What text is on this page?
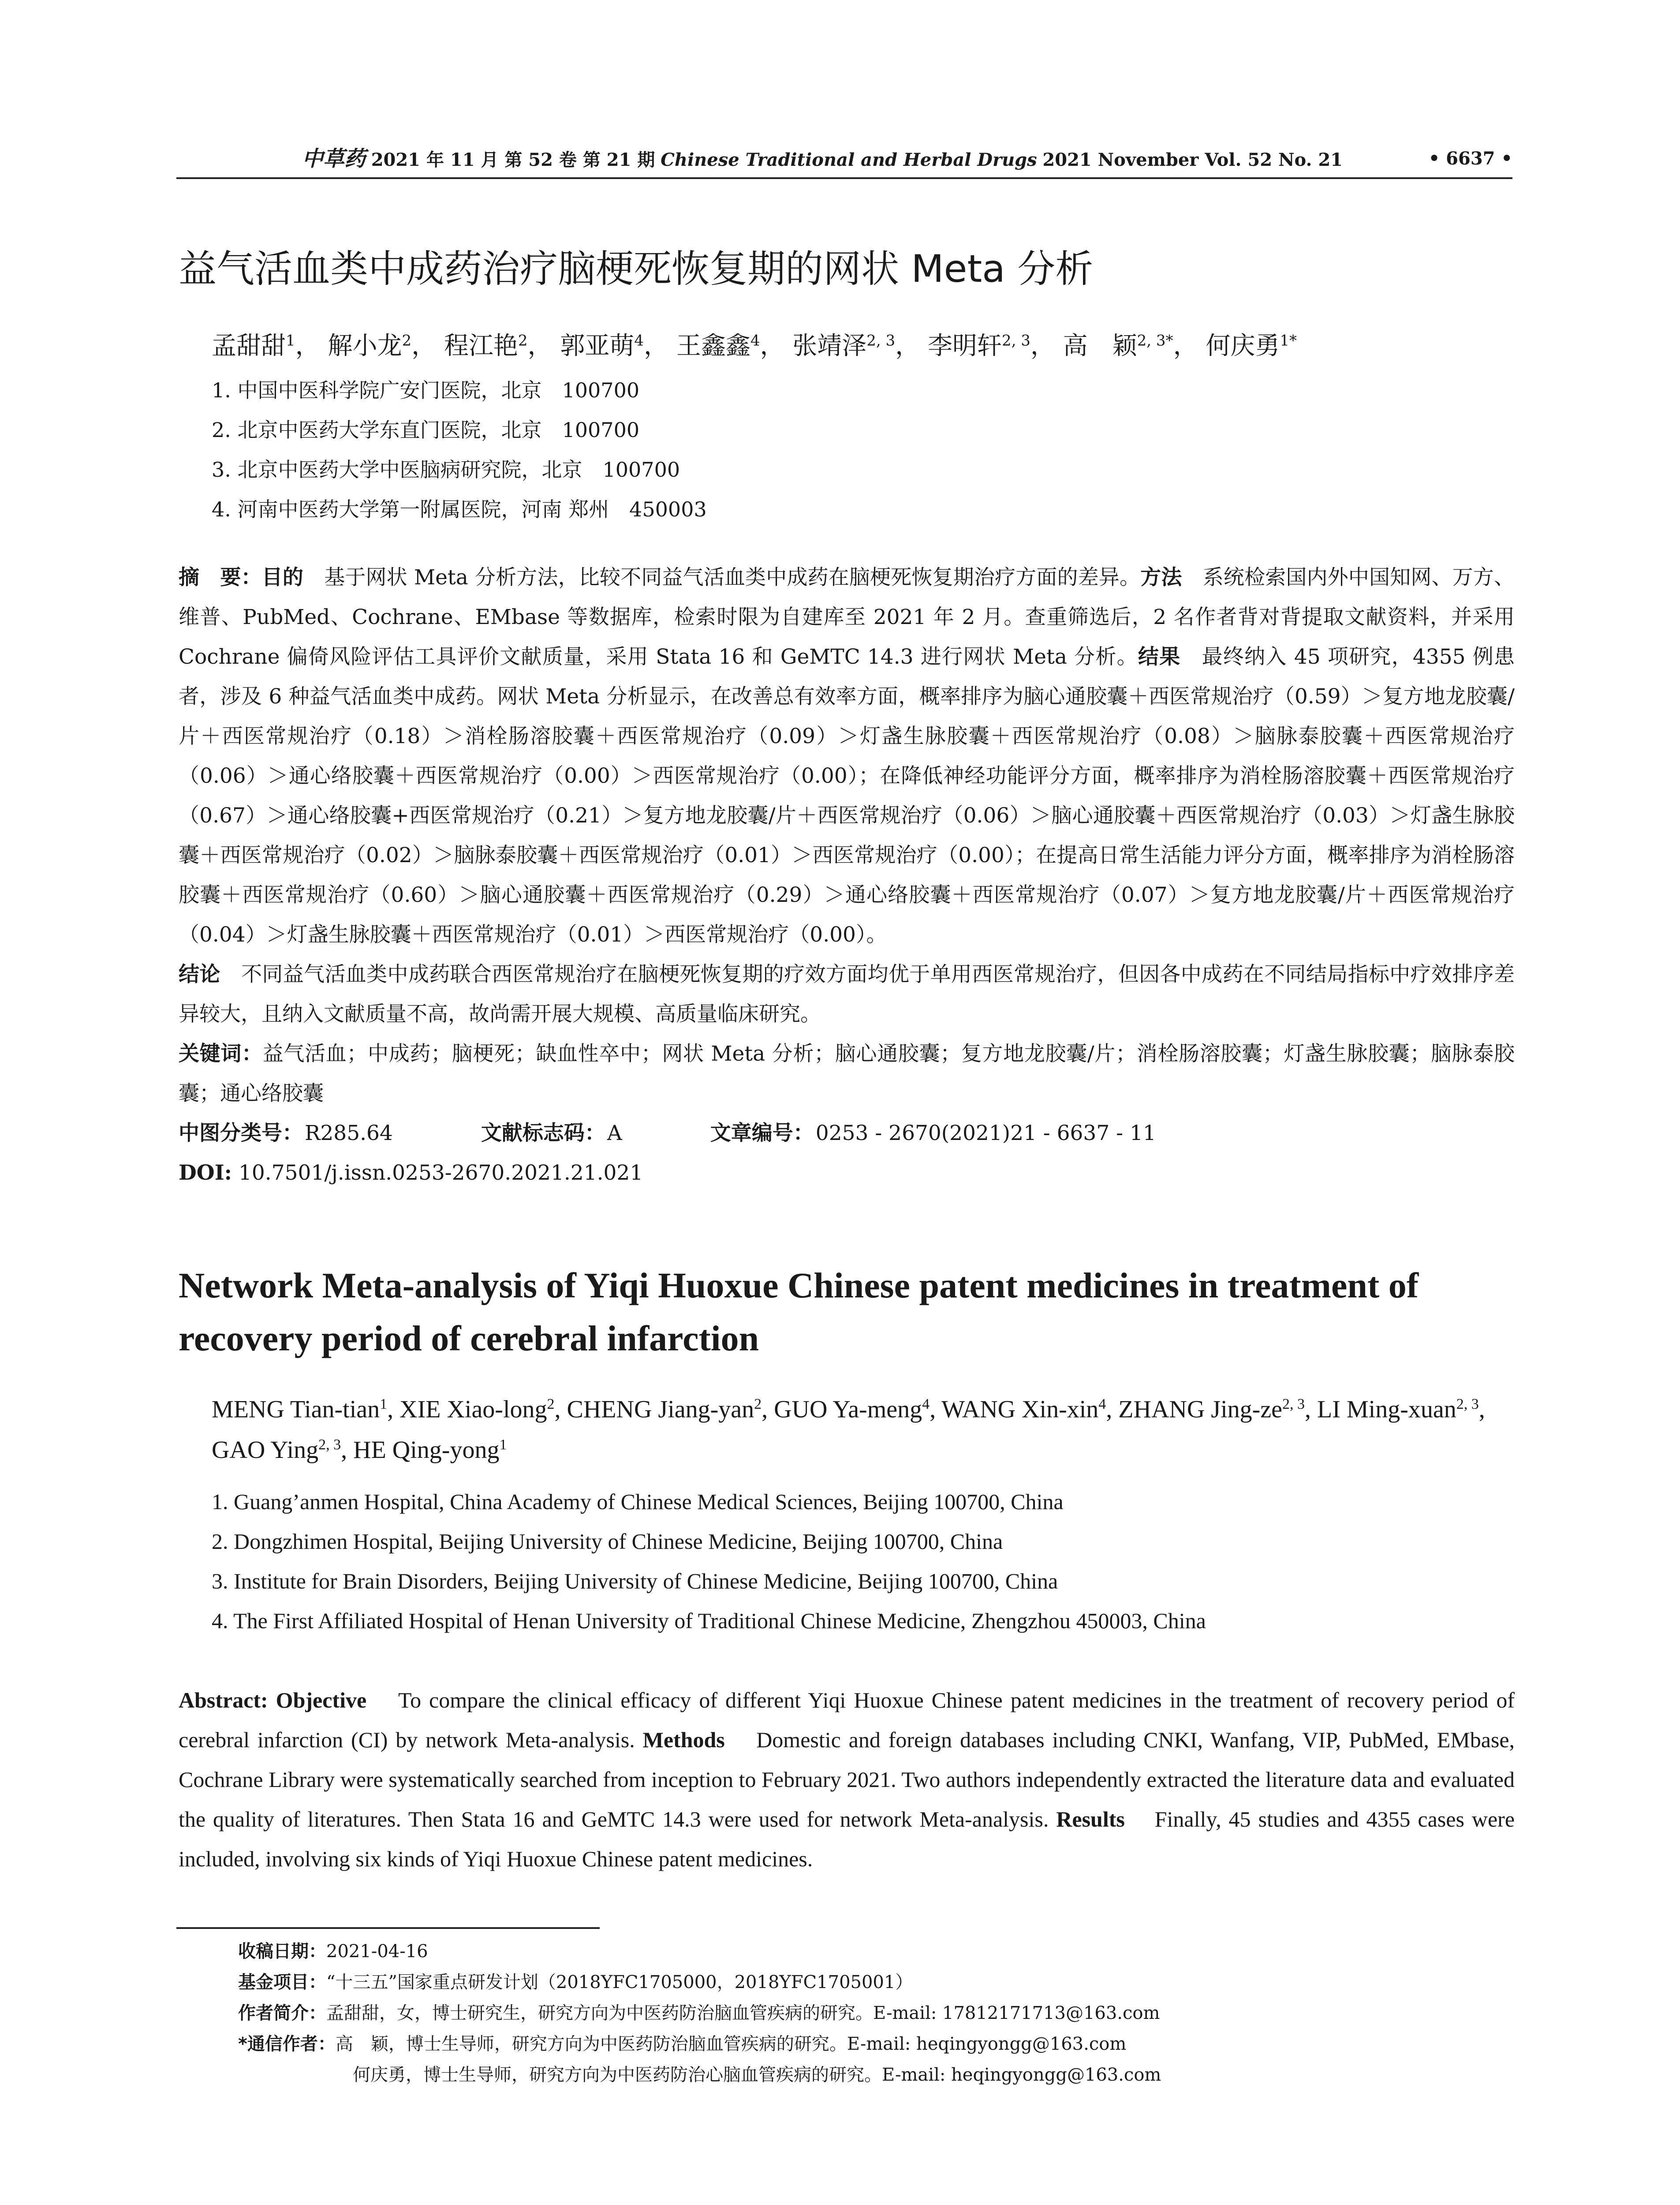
中草药 2021 年 11 月 第 52 卷 第 21 期 Chinese Traditional and Herbal Drugs 2021 November Vol. 52 No. 21	• 6637 •
益气活血类中成药治疗脑梗死恢复期的网状 Meta 分析
孟甜甜$^1$， 解小龙$^2$， 程江艳$^2$， 郭亚萌$^4$， 王鑫鑫$^4$， 张靖泽$^{2, 3}$， 李明轩$^{2, 3}$， 高　颖$^{2, 3*}$， 何庆勇$^{1*}$
1. 中国中医科学院广安门医院，北京　100700
2. 北京中医药大学东直门医院，北京　100700
3. 北京中医药大学中医脑病研究院，北京　100700
4. 河南中医药大学第一附属医院，河南 郑州　450003

摘　要：目的　 基于网状 Meta 分析方法，比较不同益气活血类中成药在脑梗死恢复期治疗方面的差异。方法　 系统检索国内外中国知网、万方、维普、PubMed、Cochrane、EMbase 等数据库，检索时限为自建库至 2021 年 2 月。查重筛选后，2 名作者背对背提取文献资料，并采用 Cochrane 偏倚风险评估工具评价文献质量，采用 Stata 16 和 GeMTC 14.3 进行网状 Meta 分析。结果　 最终纳入 45 项研究，4355 例患者，涉及 6 种益气活血类中成药。网状 Meta 分析显示，在改善总有效率方面，概率排序为脑心通胶囊＋西医常规治疗（0.59）＞复方地龙胶囊/片＋西医常规治疗（0.18）＞消栓肠溶胶囊＋西医常规治疗（0.09）＞灯盏生脉胶囊＋西医常规治疗（0.08）＞脑脉泰胶囊＋西医常规治疗（0.06）＞通心络胶囊＋西医常规治疗（0.00）＞西医常规治疗（0.00）；在降低神经功能评分方面，概率排序为消栓肠溶胶囊＋西医常规治疗（0.67）＞通心络胶囊+西医常规治疗（0.21）＞复方地龙胶囊/片＋西医常规治疗（0.06）＞脑心通胶囊＋西医常规治疗（0.03）＞灯盏生脉胶囊＋西医常规治疗（0.02）＞脑脉泰胶囊＋西医常规治疗（0.01）＞西医常规治疗（0.00）；在提高日常生活能力评分方面，概率排序为消栓肠溶胶囊＋西医常规治疗（0.60）＞脑心通胶囊＋西医常规治疗（0.29）＞通心络胶囊＋西医常规治疗（0.07）＞复方地龙胶囊/片＋西医常规治疗（0.04）＞灯盏生脉胶囊＋西医常规治疗（0.01）＞西医常规治疗（0.00）。

结论　 不同益气活血类中成药联合西医常规治疗在脑梗死恢复期的疗效方面均优于单用西医常规治疗，但因各中成药在不同结局指标中疗效排序差异较大，且纳入文献质量不高，故尚需开展大规模、高质量临床研究。

关键词：益气活血；中成药；脑梗死；缺血性卒中；网状 Meta 分析；脑心通胶囊；复方地龙胶囊/片；消栓肠溶胶囊；灯盏生脉胶囊；脑脉泰胶囊；通心络胶囊

中图分类号：R285.64	文献标志码：A	文章编号：0253 - 2670(2021)21 - 6637 - 11
DOI: 10.7501/j.issn.0253-2670.2021.21.021
Network Meta-analysis of Yiqi Huoxue Chinese patent medicines in treatment of recovery period of cerebral infarction
MENG Tian-tian$^1$, XIE Xiao-long$^2$, CHENG Jiang-yan$^2$, GUO Ya-meng$^4$, WANG Xin-xin$^4$, ZHANG Jing-ze$^{2, 3}$, LI Ming-xuan$^{2, 3}$, GAO Ying$^{2, 3}$, HE Qing-yong$^1$
1. Guang’anmen Hospital, China Academy of Chinese Medical Sciences, Beijing 100700, China
2. Dongzhimen Hospital, Beijing University of Chinese Medicine, Beijing 100700, China
3. Institute for Brain Disorders, Beijing University of Chinese Medicine, Beijing 100700, China
4. The First Affiliated Hospital of Henan University of Traditional Chinese Medicine, Zhengzhou 450003, China
Abstract: Objective To compare the clinical efficacy of different Yiqi Huoxue Chinese patent medicines in the treatment of recovery period of cerebral infarction (CI) by network Meta-analysis. Methods Domestic and foreign databases including CNKI, Wanfang, VIP, PubMed, EMbase, Cochrane Library were systematically searched from inception to February 2021. Two authors independently extracted the literature data and evaluated the quality of literatures. Then Stata 16 and GeMTC 14.3 were used for network Meta-analysis. Results Finally, 45 studies and 4355 cases were included, involving six kinds of Yiqi Huoxue Chinese patent medicines.
收稿日期：2021-04-16
基金项目：“十三五”国家重点研发计划（2018YFC1705000，2018YFC1705001）
作者简介：孟甜甜，女，博士研究生，研究方向为中医药防治脑血管疾病的研究。E-mail: 17812171713@163.com
*通信作者：高　颖，博士生导师，研究方向为中医药防治脑血管疾病的研究。E-mail: heqingyongg@163.com
何庆勇，博士生导师，研究方向为中医药防治心脑血管疾病的研究。E-mail: heqingyongg@163.com
